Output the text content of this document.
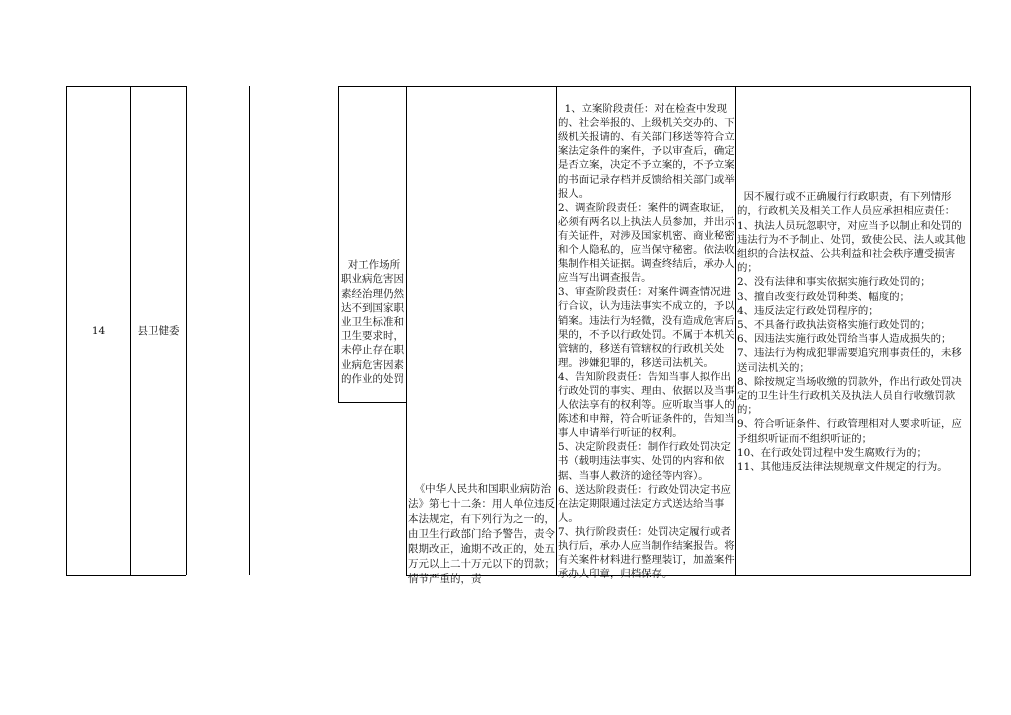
14	县卫健委

对工作场所职业病危害因素经治理仍然达不到国家职业卫生标准和卫生要求时，未停止存在职业病危害因素的作业的处罚

《中华人民共和国职业病防治法》第七十二条：用人单位违反本法规定，有下列行为之一的，由卫生行政部门给予警告，责令限期改正，逾期不改正的，处五万元以上二十万元以下的罚款；情节严重的，责

1、立案阶段责任：对在检查中发现的、社会举报的、上级机关交办的、下级机关报请的、有关部门移送等符合立案法定条件的案件，予以审查后，确定是否立案，决定不予立案的，不予立案的书面记录存档并反馈给相关部门或举报人。
2、调查阶段责任：案件的调查取证，必须有两名以上执法人员参加，并出示有关证件，对涉及国家机密、商业秘密和个人隐私的，应当保守秘密。依法收集制作相关证据。调查终结后，承办人应当写出调查报告。
3、审查阶段责任：对案件调查情况进行合议，认为违法事实不成立的，予以销案。违法行为轻微，没有造成危害后果的，不予以行政处罚。不属于本机关管辖的，移送有管辖权的行政机关处理。涉嫌犯罪的，移送司法机关。
4、告知阶段责任：告知当事人拟作出行政处罚的事实、理由、依据以及当事人依法享有的权利等。应听取当事人的陈述和申辩，符合听证条件的，告知当事人申请举行听证的权利。
5、决定阶段责任：制作行政处罚决定书（载明违法事实、处罚的内容和依据、当事人救济的途径等内容）。
6、送达阶段责任：行政处罚决定书应在法定期限通过法定方式送达给当事人。
7、执行阶段责任：处罚决定履行或者执行后，承办人应当制作结案报告。将有关案件材料进行整理装订，加盖案件承办人印章，归档保存。

因不履行或不正确履行行政职责，有下列情形的，行政机关及相关工作人员应承担相应责任：
1、执法人员玩忽职守，对应当予以制止和处罚的违法行为不予制止、处罚，致使公民、法人或其他组织的合法权益、公共利益和社会秩序遭受损害的；
2、没有法律和事实依据实施行政处罚的；
3、擅自改变行政处罚种类、幅度的；
4、违反法定行政处罚程序的；
5、不具备行政执法资格实施行政处罚的；
6、因违法实施行政处罚给当事人造成损失的；
7、违法行为构成犯罪需要追究刑事责任的，未移送司法机关的；
8、除按规定当场收缴的罚款外，作出行政处罚决定的卫生计生行政机关及执法人员自行收缴罚款的；
9、符合听证条件、行政管理相对人要求听证，应予组织听证而不组织听证的；
10、在行政处罚过程中发生腐败行为的；
11、其他违反法律法规规章文件规定的行为。
